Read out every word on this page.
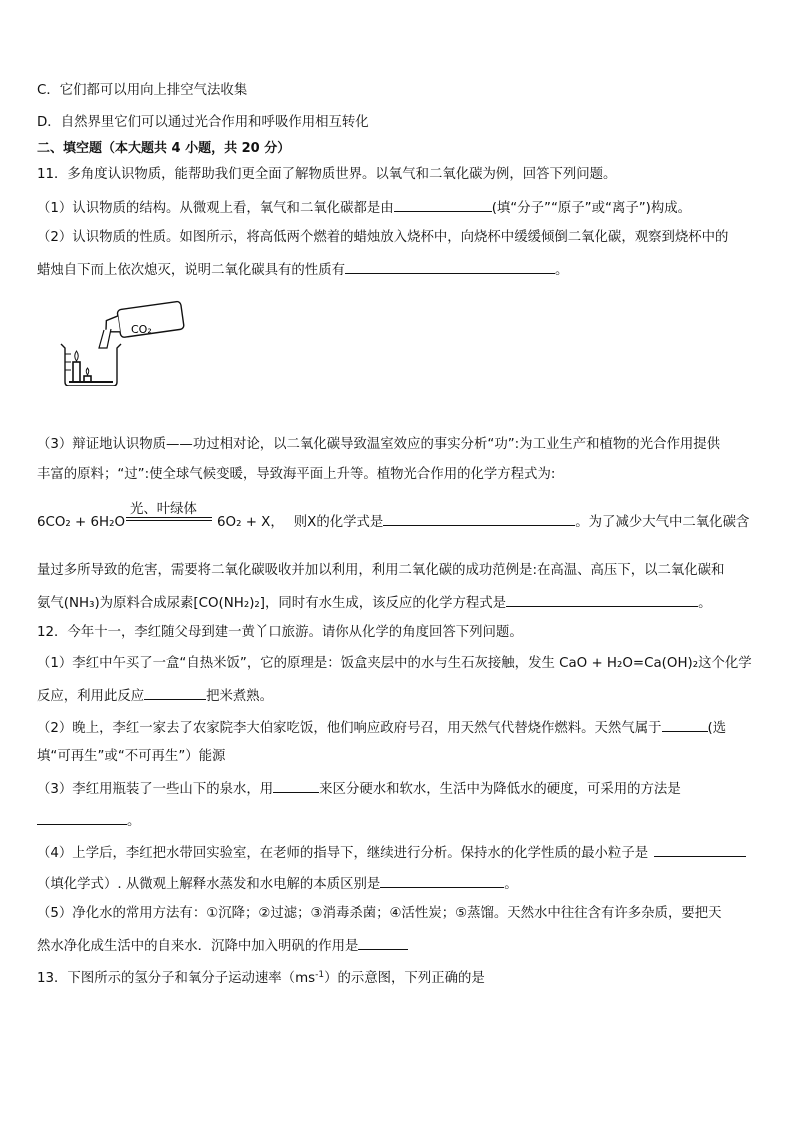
C．它们都可以用向上排空气法收集
D．自然界里它们可以通过光合作用和呼吸作用相互转化
二、填空题（本大题共 4 小题，共 20 分）
11．多角度认识物质，能帮助我们更全面了解物质世界。以氧气和二氧化碳为例，回答下列问题。
（1）认识物质的结构。从微观上看，氧气和二氧化碳都是由	(填“分子”“原子”或“离子”)构成。
（2）认识物质的性质。如图所示，将高低两个燃着的蜡烛放入烧杯中，向烧杯中缓缓倾倒二氧化碳，观察到烧杯中的
蜡烛自下而上依次熄灭，说明二氧化碳具有的性质有	。
CO₂
（3）辩证地认识物质——功过相对论，以二氧化碳导致温室效应的事实分析“功”:为工业生产和植物的光合作用提供
丰富的原料；“过”:使全球气候变暖，导致海平面上升等。植物光合作用的化学方程式为:
光、叶绿体
6CO₂ + 6H₂O	6O₂ + X， 则X的化学式是	。为了减少大气中二氧化碳含
量过多所导致的危害，需要将二氧化碳吸收并加以利用，利用二氧化碳的成功范例是:在高温、高压下，以二氧化碳和
氨气(NH₃)为原料合成尿素[CO(NH₂)₂]，同时有水生成，该反应的化学方程式是	。
12．今年十一，李红随父母到建一黄丫口旅游。请你从化学的角度回答下列问题。
（1）李红中午买了一盒“自热米饭”，它的原理是：饭盒夹层中的水与生石灰接触，发生 CaO + H₂O=Ca(OH)₂这个化学
反应，利用此反应	把米煮熟。
（2）晚上，李红一家去了农家院李大伯家吃饭，他们响应政府号召，用天然气代替烧作燃料。天然气属于	(选
填“可再生”或“不可再生”）能源
（3）李红用瓶装了一些山下的泉水，用	来区分硬水和软水，生活中为降低水的硬度，可采用的方法是
。
（4）上学后，李红把水带回实验室，在老师的指导下，继续进行分析。保持水的化学性质的最小粒子是
（填化学式）. 从微观上解释水蒸发和水电解的本质区别是	。
（5）净化水的常用方法有：①沉降；②过滤；③消毒杀菌；④活性炭；⑤蒸馏。天然水中往往含有许多杂质，要把天
然水净化成生活中的自来水．沉降中加入明矾的作用是
13．下图所示的氢分子和氧分子运动速率$(ms^{-1})$的示意图，下列正确的是
